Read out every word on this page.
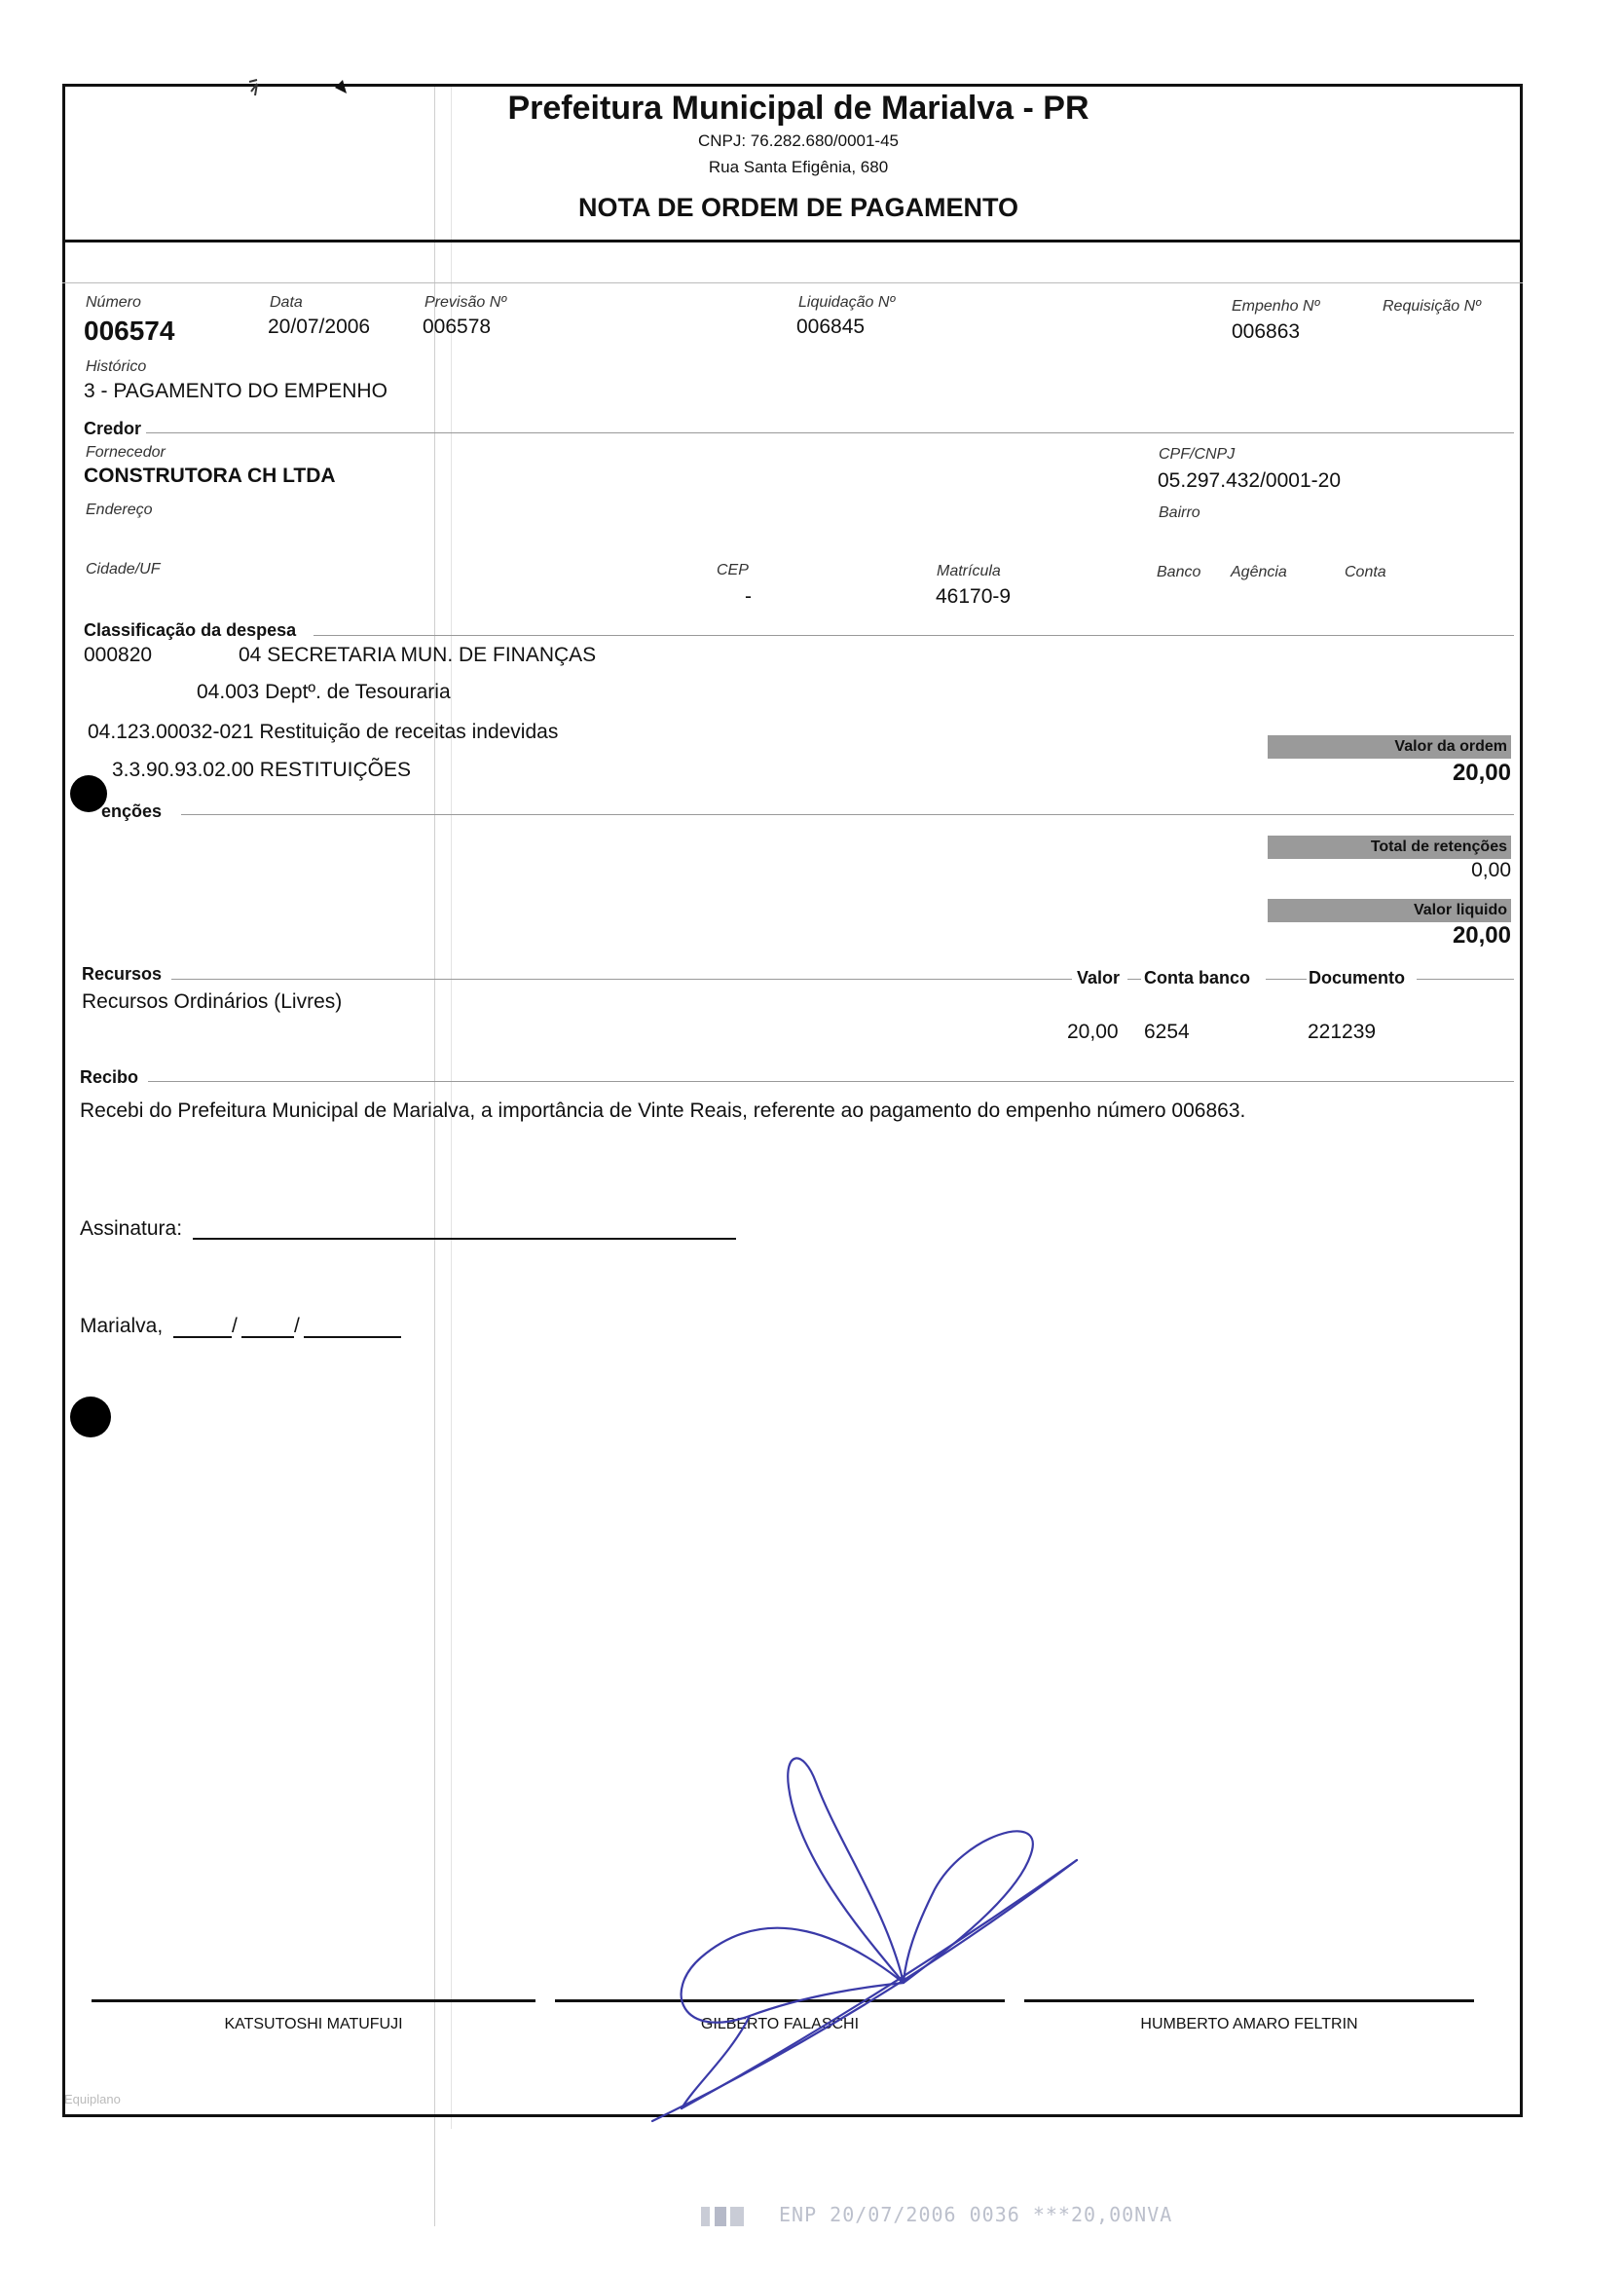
Prefeitura Municipal de Marialva - PR
CNPJ: 76.282.680/0001-45
Rua Santa Efigênia, 680
NOTA DE ORDEM DE PAGAMENTO
Número
006574
Data
20/07/2006
Previsão Nº
006578
Liquidação Nº
006845
Empenho Nº
006863
Requisição Nº
Histórico
3 - PAGAMENTO DO EMPENHO
Credor
Fornecedor
CONSTRUTORA CH LTDA
CPF/CNPJ
05.297.432/0001-20
Endereço	Bairro
Cidade/UF	CEP
-
Matrícula
46170-9
Banco Agência	Conta
Classificação da despesa
000820	04 SECRETARIA MUN. DE FINANÇAS
04.003 Deptº. de Tesouraria
04.123.00032-021 Restituição de receitas indevidas
3.3.90.93.02.00 RESTITUIÇÕES
Valor da ordem
20,00
enções
Total de retenções
0,00
Valor liquido
20,00
Recursos	Valor Conta banco	Documento
Recursos Ordinários (Livres)
20,00 6254	221239
Recibo
Recebi do Prefeitura Municipal de Marialva, a importância de Vinte Reais, referente ao pagamento do empenho número 006863.
Assinatura:
Marialva,	/	/
KATSUTOSHI MATUFUJI	GILBERTO FALASCHI	HUMBERTO AMARO FELTRIN
Equiplano
ENP 20/07/2006 0036 ***20,00NVA
